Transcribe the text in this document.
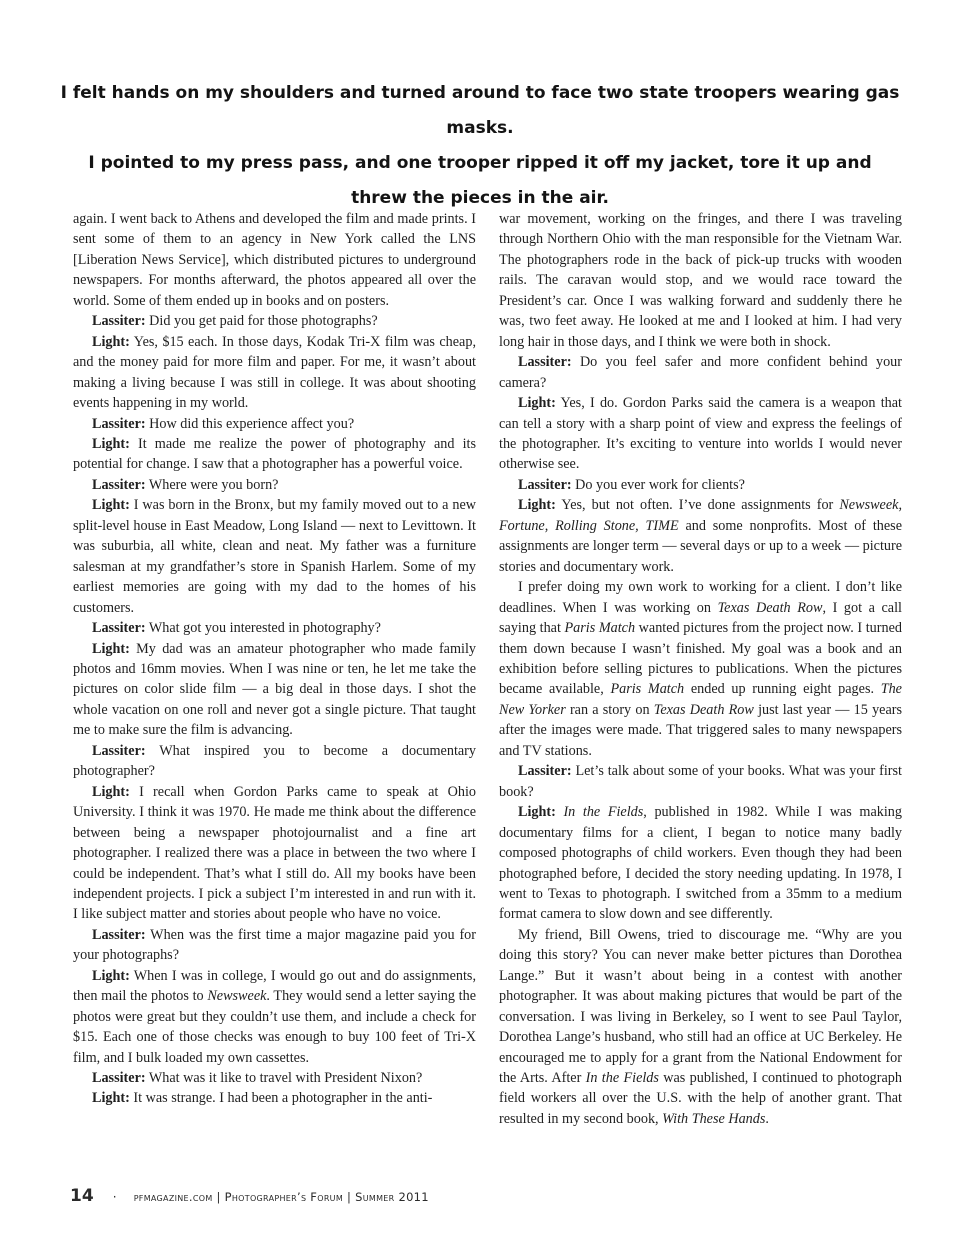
I felt hands on my shoulders and turned around to face two state troopers wearing gas masks.
I pointed to my press pass, and one trooper ripped it off my jacket, tore it up and
threw the pieces in the air.

again. I went back to Athens and developed the film and made prints. I sent some of them to an agency in New York called the LNS [Liberation News Service], which distributed pictures to underground newspapers. For months afterward, the photos appeared all over the world. Some of them ended up in books and on posters.

Lassiter: Did you get paid for those photographs?

Light: Yes, $15 each. In those days, Kodak Tri-X film was cheap, and the money paid for more film and paper. For me, it wasn’t about making a living because I was still in college. It was about shooting events happening in my world.

Lassiter: How did this experience affect you?

Light: It made me realize the power of photography and its potential for change. I saw that a photographer has a powerful voice.

Lassiter: Where were you born?

Light: I was born in the Bronx, but my family moved out to a new split-level house in East Meadow, Long Island — next to Levittown. It was suburbia, all white, clean and neat. My father was a furniture salesman at my grandfather’s store in Spanish Harlem. Some of my earliest memories are going with my dad to the homes of his customers.

Lassiter: What got you interested in photography?

Light: My dad was an amateur photographer who made family photos and 16mm movies. When I was nine or ten, he let me take the pictures on color slide film — a big deal in those days. I shot the whole vacation on one roll and never got a single picture. That taught me to make sure the film is advancing.

Lassiter: What inspired you to become a documentary photographer?

Light: I recall when Gordon Parks came to speak at Ohio University. I think it was 1970. He made me think about the difference between being a newspaper photojournalist and a fine art photographer. I realized there was a place in between the two where I could be independent. That’s what I still do. All my books have been independent projects. I pick a subject I’m interested in and run with it. I like subject matter and stories about people who have no voice.

Lassiter: When was the first time a major magazine paid you for your photographs?

Light: When I was in college, I would go out and do assignments, then mail the photos to Newsweek. They would send a letter saying the photos were great but they couldn’t use them, and include a check for $15. Each one of those checks was enough to buy 100 feet of Tri-X film, and I bulk loaded my own cassettes.

Lassiter: What was it like to travel with President Nixon?

Light: It was strange. I had been a photographer in the anti-

war movement, working on the fringes, and there I was traveling through Northern Ohio with the man responsible for the Vietnam War. The photographers rode in the back of pick-up trucks with wooden rails. The caravan would stop, and we would race toward the President’s car. Once I was walking forward and suddenly there he was, two feet away. He looked at me and I looked at him. I had very long hair in those days, and I think we were both in shock.

Lassiter: Do you feel safer and more confident behind your camera?

Light: Yes, I do. Gordon Parks said the camera is a weapon that can tell a story with a sharp point of view and express the feelings of the photographer. It’s exciting to venture into worlds I would never otherwise see.

Lassiter: Do you ever work for clients?

Light: Yes, but not often. I’ve done assignments for Newsweek, Fortune, Rolling Stone, TIME and some nonprofits. Most of these assignments are longer term — several days or up to a week — picture stories and documentary work.

I prefer doing my own work to working for a client. I don’t like deadlines. When I was working on Texas Death Row, I got a call saying that Paris Match wanted pictures from the project now. I turned them down because I wasn’t finished. My goal was a book and an exhibition before selling pictures to publications. When the pictures became available, Paris Match ended up running eight pages. The New Yorker ran a story on Texas Death Row just last year — 15 years after the images were made. That triggered sales to many newspapers and TV stations.

Lassiter: Let’s talk about some of your books. What was your first book?

Light: In the Fields, published in 1982. While I was making documentary films for a client, I began to notice many badly composed photographs of child workers. Even though they had been photographed before, I decided the story needing updating. In 1978, I went to Texas to photograph. I switched from a 35mm to a medium format camera to slow down and see differently.

My friend, Bill Owens, tried to discourage me. “Why are you doing this story? You can never make better pictures than Dorothea Lange.” But it wasn’t about being in a contest with another photographer. It was about making pictures that would be part of the conversation. I was living in Berkeley, so I went to see Paul Taylor, Dorothea Lange’s husband, who still had an office at UC Berkeley. He encouraged me to apply for a grant from the National Endowment for the Arts. After In the Fields was published, I continued to photograph field workers all over the U.S. with the help of another grant. That resulted in my second book, With These Hands.

14 · pfmagazine.com | Photographer’s Forum | Summer 2011
